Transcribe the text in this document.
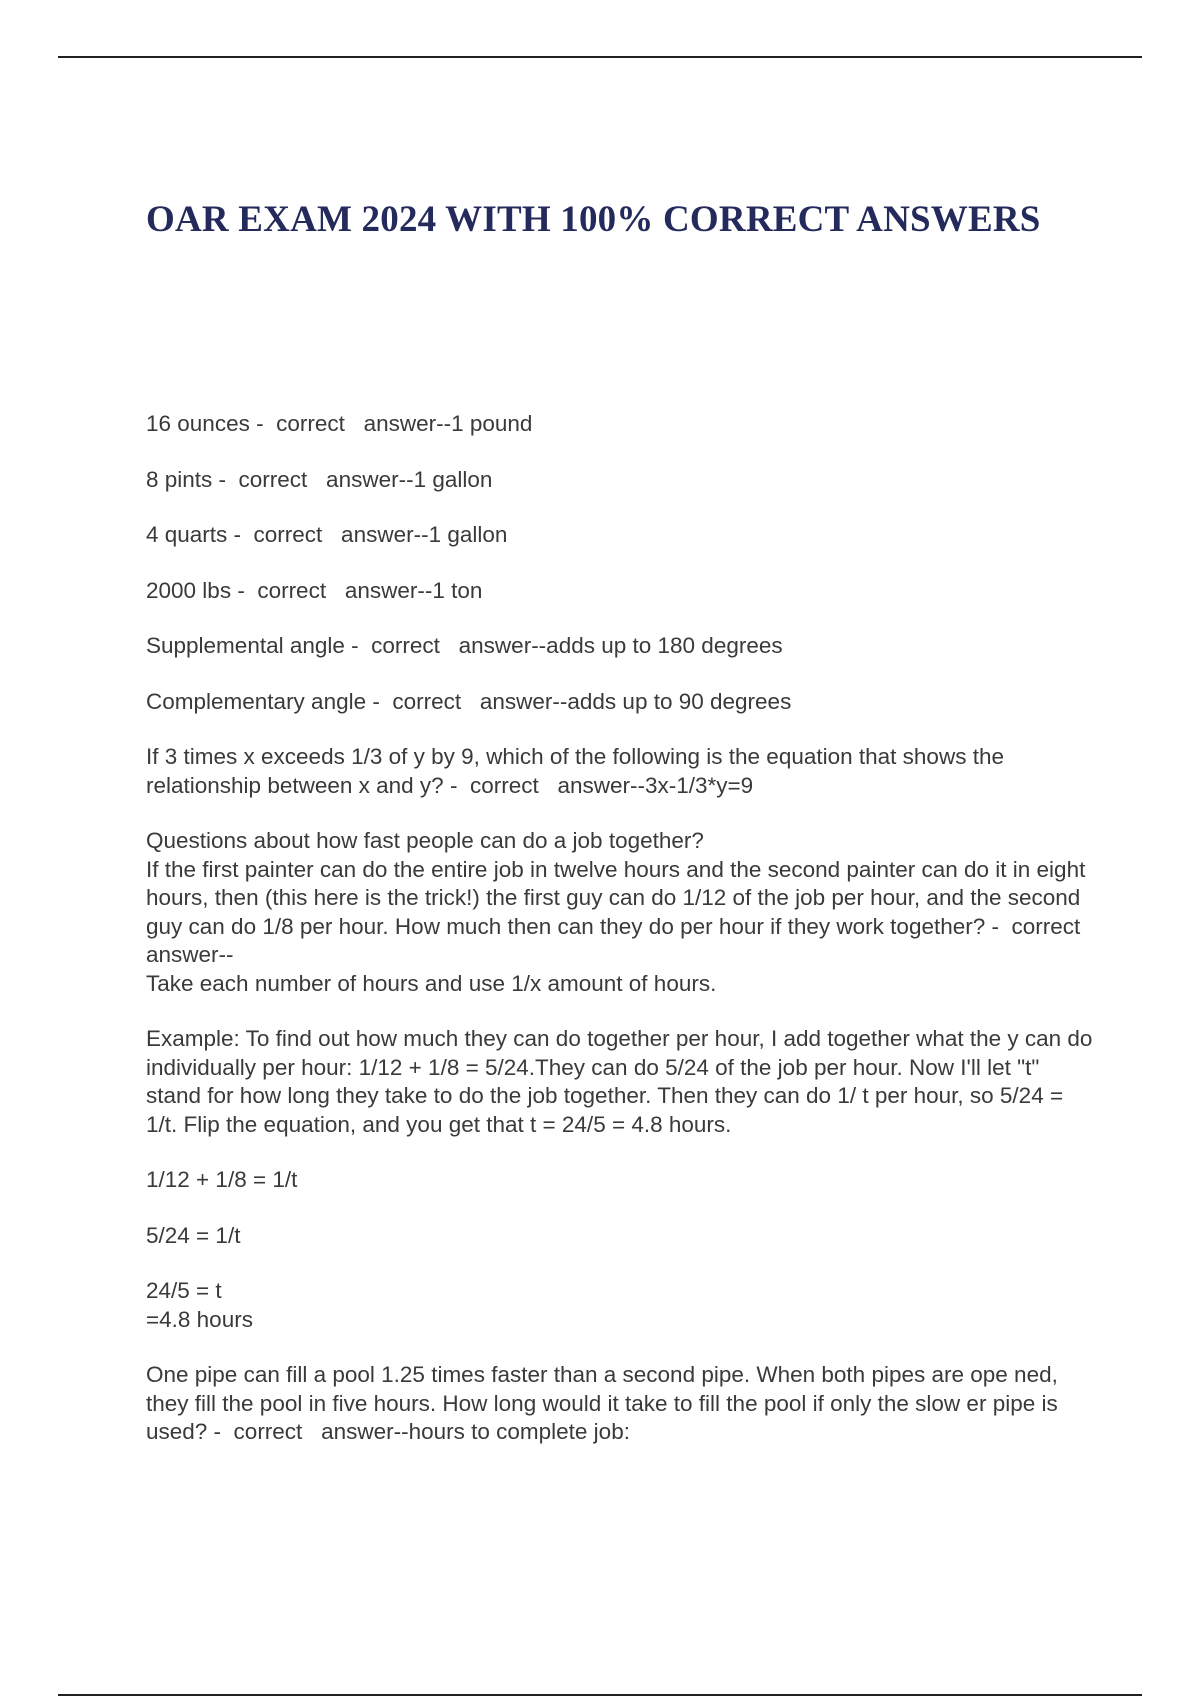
OAR EXAM 2024 WITH 100% CORRECT ANSWERS

16 ounces -  correct   answer--1 pound

8 pints -  correct   answer--1 gallon

4 quarts -  correct   answer--1 gallon

2000 lbs -  correct   answer--1 ton

Supplemental angle -  correct   answer--adds up to 180 degrees

Complementary angle -  correct   answer--adds up to 90 degrees

If 3 times x exceeds 1/3 of y by 9, which of the following is the equation that shows the relationship between x and y? -  correct   answer--3x-1/3*y=9

Questions about how fast people can do a job together?
If the first painter can do the entire job in twelve hours and the second painter can do it in eight hours, then (this here is the trick!) the first guy can do 1/12 of the job per hour, and the second guy can do 1/8 per hour. How much then can they do per hour if they work together? -  correct   answer--
Take each number of hours and use 1/x amount of hours.

Example: To find out how much they can do together per hour, I add together what the y can do individually per hour: 1/12 + 1/8 = 5/24.They can do 5/24 of the job per hour. Now I'll let "t" stand for how long they take to do the job together. Then they can do 1/ t per hour, so 5/24 = 1/t. Flip the equation, and you get that t = 24/5 = 4.8 hours.

1/12 + 1/8 = 1/t

5/24 = 1/t

24/5 = t
=4.8 hours

One pipe can fill a pool 1.25 times faster than a second pipe. When both pipes are ope ned, they fill the pool in five hours. How long would it take to fill the pool if only the slow er pipe is used? -  correct   answer--hours to complete job:
